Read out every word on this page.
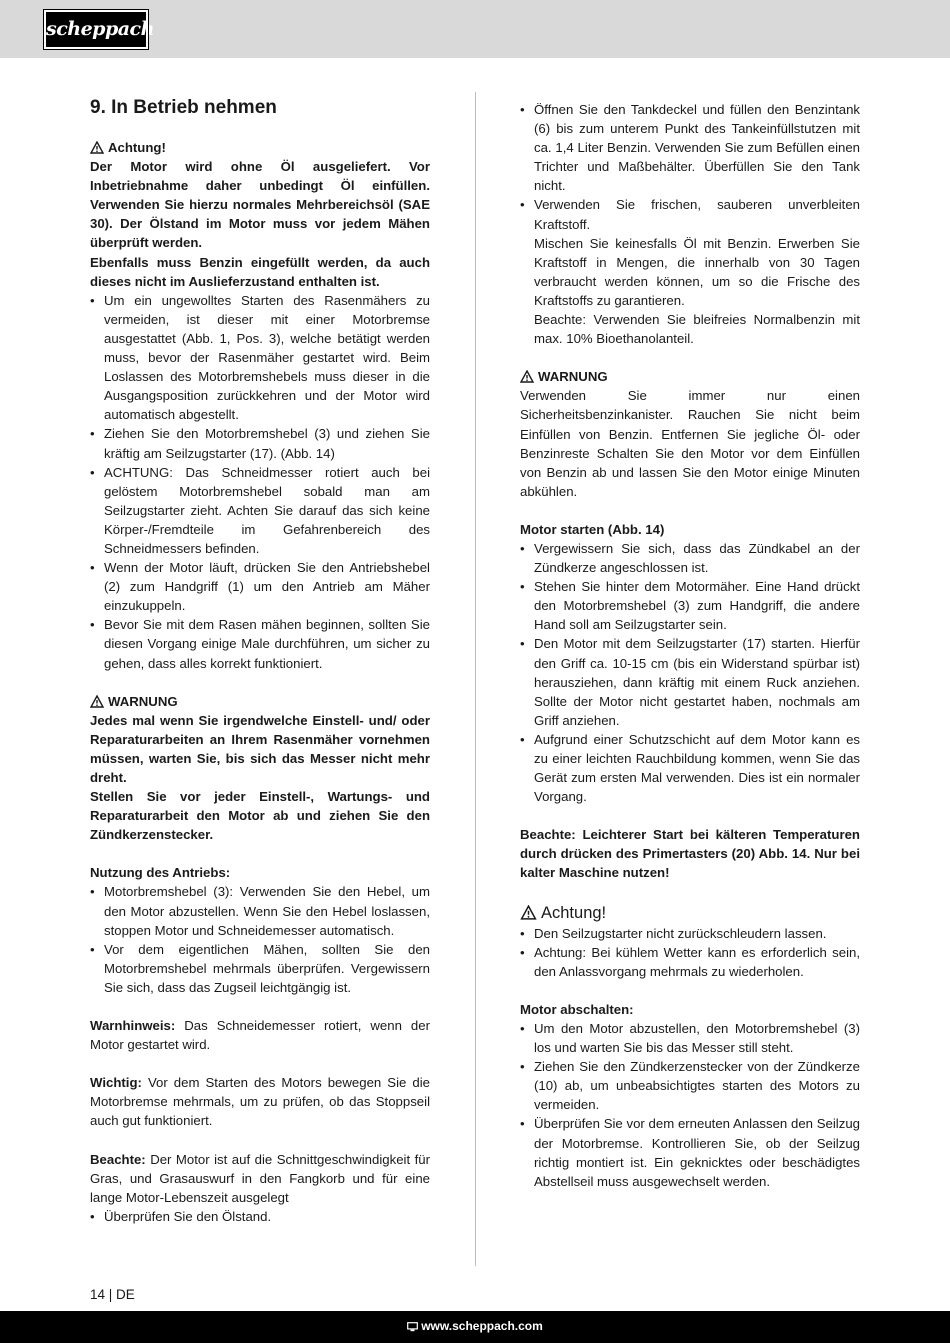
scheppach
9. In Betrieb nehmen
Achtung!

Der Motor wird ohne Öl ausgeliefert. Vor Inbetriebnahme daher unbedingt Öl einfüllen. Verwenden Sie hierzu normales Mehrbereichsöl (SAE 30). Der Ölstand im Motor muss vor jedem Mähen überprüft werden.

Ebenfalls muss Benzin eingefüllt werden, da auch dieses nicht im Auslieferzustand enthalten ist.

• Um ein ungewolltes Starten des Rasenmähers zu vermeiden, ist dieser mit einer Motorbremse ausgestattet (Abb. 1, Pos. 3), welche betätigt werden muss, bevor der Rasenmäher gestartet wird. Beim Loslassen des Motorbremshebels muss dieser in die Ausgangsposition zurückkehren und der Motor wird automatisch abgestellt.
• Ziehen Sie den Motorbremshebel (3) und ziehen Sie kräftig am Seilzugstarter (17). (Abb. 14)
• ACHTUNG: Das Schneidmesser rotiert auch bei gelöstem Motorbremshebel sobald man am Seilzugstarter zieht. Achten Sie darauf das sich keine Körper-/Fremdteile im Gefahrenbereich des Schneidmessers befinden.
• Wenn der Motor läuft, drücken Sie den Antriebshebel (2) zum Handgriff (1) um den Antrieb am Mäher einzukuppeln.
• Bevor Sie mit dem Rasen mähen beginnen, sollten Sie diesen Vorgang einige Male durchführen, um sicher zu gehen, dass alles korrekt funktioniert.
WARNUNG

Jedes mal wenn Sie irgendwelche Einstell- und/ oder Reparaturarbeiten an Ihrem Rasenmäher vornehmen müssen, warten Sie, bis sich das Messer nicht mehr dreht.

Stellen Sie vor jeder Einstell-, Wartungs- und Reparaturarbeit den Motor ab und ziehen Sie den Zündkerzenstecker.

Nutzung des Antriebs:

• Motorbremshebel (3): Verwenden Sie den Hebel, um den Motor abzustellen. Wenn Sie den Hebel loslassen, stoppen Motor und Schneidemesser automatisch.
• Vor dem eigentlichen Mähen, sollten Sie den Motorbremshebel mehrmals überprüfen. Vergewissern Sie sich, dass das Zugseil leichtgängig ist.

Warnhinweis: Das Schneidemesser rotiert, wenn der Motor gestartet wird.

Wichtig: Vor dem Starten des Motors bewegen Sie die Motorbremse mehrmals, um zu prüfen, ob das Stoppseil auch gut funktioniert.

Beachte: Der Motor ist auf die Schnittgeschwindigkeit für Gras, und Grasauswurf in den Fangkorb und für eine lange Motor-Lebenszeit ausgelegt

• Überprüfen Sie den Ölstand.
• Öffnen Sie den Tankdeckel und füllen den Benzintank (6) bis zum unterem Punkt des Tankeinfüllstutzen mit ca. 1,4 Liter Benzin. Verwenden Sie zum Befüllen einen Trichter und Maßbehälter. Überfüllen Sie den Tank nicht.
• Verwenden Sie frischen, sauberen unverbleiten Kraftstoff.
Mischen Sie keinesfalls Öl mit Benzin. Erwerben Sie Kraftstoff in Mengen, die innerhalb von 30 Tagen verbraucht werden können, um so die Frische des Kraftstoffs zu garantieren.
Beachte: Verwenden Sie bleifreies Normalbenzin mit max. 10% Bioethanolanteil.
WARNUNG

Verwenden Sie immer nur einen Sicherheitsbenzinkanister. Rauchen Sie nicht beim Einfüllen von Benzin. Entfernen Sie jegliche Öl- oder Benzinreste Schalten Sie den Motor vor dem Einfüllen von Benzin ab und lassen Sie den Motor einige Minuten abkühlen.

Motor starten (Abb. 14)

• Vergewissern Sie sich, dass das Zündkabel an der Zündkerze angeschlossen ist.
• Stehen Sie hinter dem Motormäher. Eine Hand drückt den Motorbremshebel (3) zum Handgriff, die andere Hand soll am Seilzugstarter sein.
• Den Motor mit dem Seilzugstarter (17) starten. Hierfür den Griff ca. 10-15 cm (bis ein Widerstand spürbar ist) herausziehen, dann kräftig mit einem Ruck anziehen. Sollte der Motor nicht gestartet haben, nochmals am Griff anziehen.
• Aufgrund einer Schutzschicht auf dem Motor kann es zu einer leichten Rauchbildung kommen, wenn Sie das Gerät zum ersten Mal verwenden. Dies ist ein normaler Vorgang.

Beachte: Leichterer Start bei kälteren Temperaturen durch drücken des Primertasters (20) Abb. 14. Nur bei kalter Maschine nutzen!

Achtung!
• Den Seilzugstarter nicht zurückschleudern lassen.
• Achtung: Bei kühlem Wetter kann es erforderlich sein, den Anlassvorgang mehrmals zu wiederholen.

Motor abschalten:

• Um den Motor abzustellen, den Motorbremshebel (3) los und warten Sie bis das Messer still steht.
• Ziehen Sie den Zündkerzenstecker von der Zündkerze (10) ab, um unbeabsichtigtes starten des Motors zu vermeiden.
• Überprüfen Sie vor dem erneuten Anlassen den Seilzug der Motorbremse. Kontrollieren Sie, ob der Seilzug richtig montiert ist. Ein geknicktes oder beschädigtes Abstellseil muss ausgewechselt werden.
14 | DE
www.scheppach.com
